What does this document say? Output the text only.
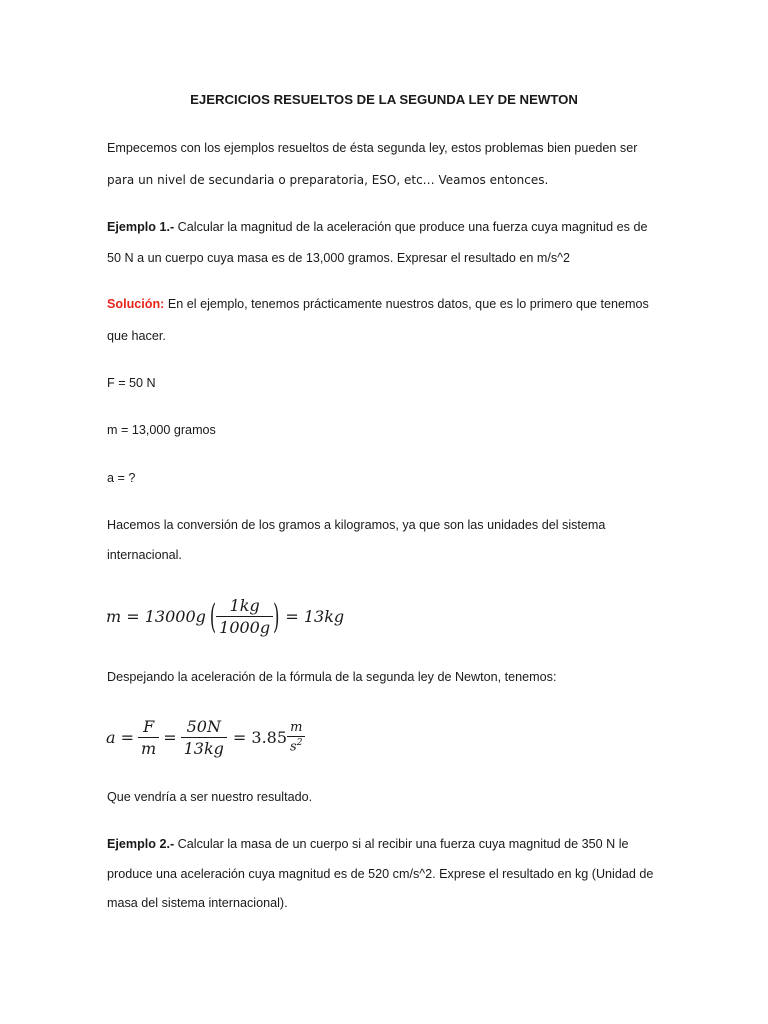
EJERCICIOS RESUELTOS DE LA SEGUNDA LEY DE NEWTON
Empecemos con los ejemplos resueltos de ésta segunda ley, estos problemas bien pueden ser
para un nivel de secundaria o preparatoria, ESO, etc… Veamos entonces.
Ejemplo 1.- Calcular la magnitud de la aceleración que produce una fuerza cuya magnitud es de
50 N a un cuerpo cuya masa es de 13,000 gramos. Expresar el resultado en m/s^2
Solución: En el ejemplo, tenemos prácticamente nuestros datos, que es lo primero que tenemos
que hacer.
F = 50 N
m = 13,000 gramos
a = ?
Hacemos la conversión de los gramos a kilogramos, ya que son las unidades del sistema
internacional.
m = 13000g ( $\frac{1kg}{1000g}$ ) = 13kg
Despejando la aceleración de la fórmula de la segunda ley de Newton, tenemos:
$a = \frac{F}{m} = \frac{50N}{13kg} = 3.85 \frac{m}{s^2}$
Que vendría a ser nuestro resultado.
Ejemplo 2.- Calcular la masa de un cuerpo si al recibir una fuerza cuya magnitud de 350 N le
produce una aceleración cuya magnitud es de 520 cm/s^2. Exprese el resultado en kg (Unidad de
masa del sistema internacional).
